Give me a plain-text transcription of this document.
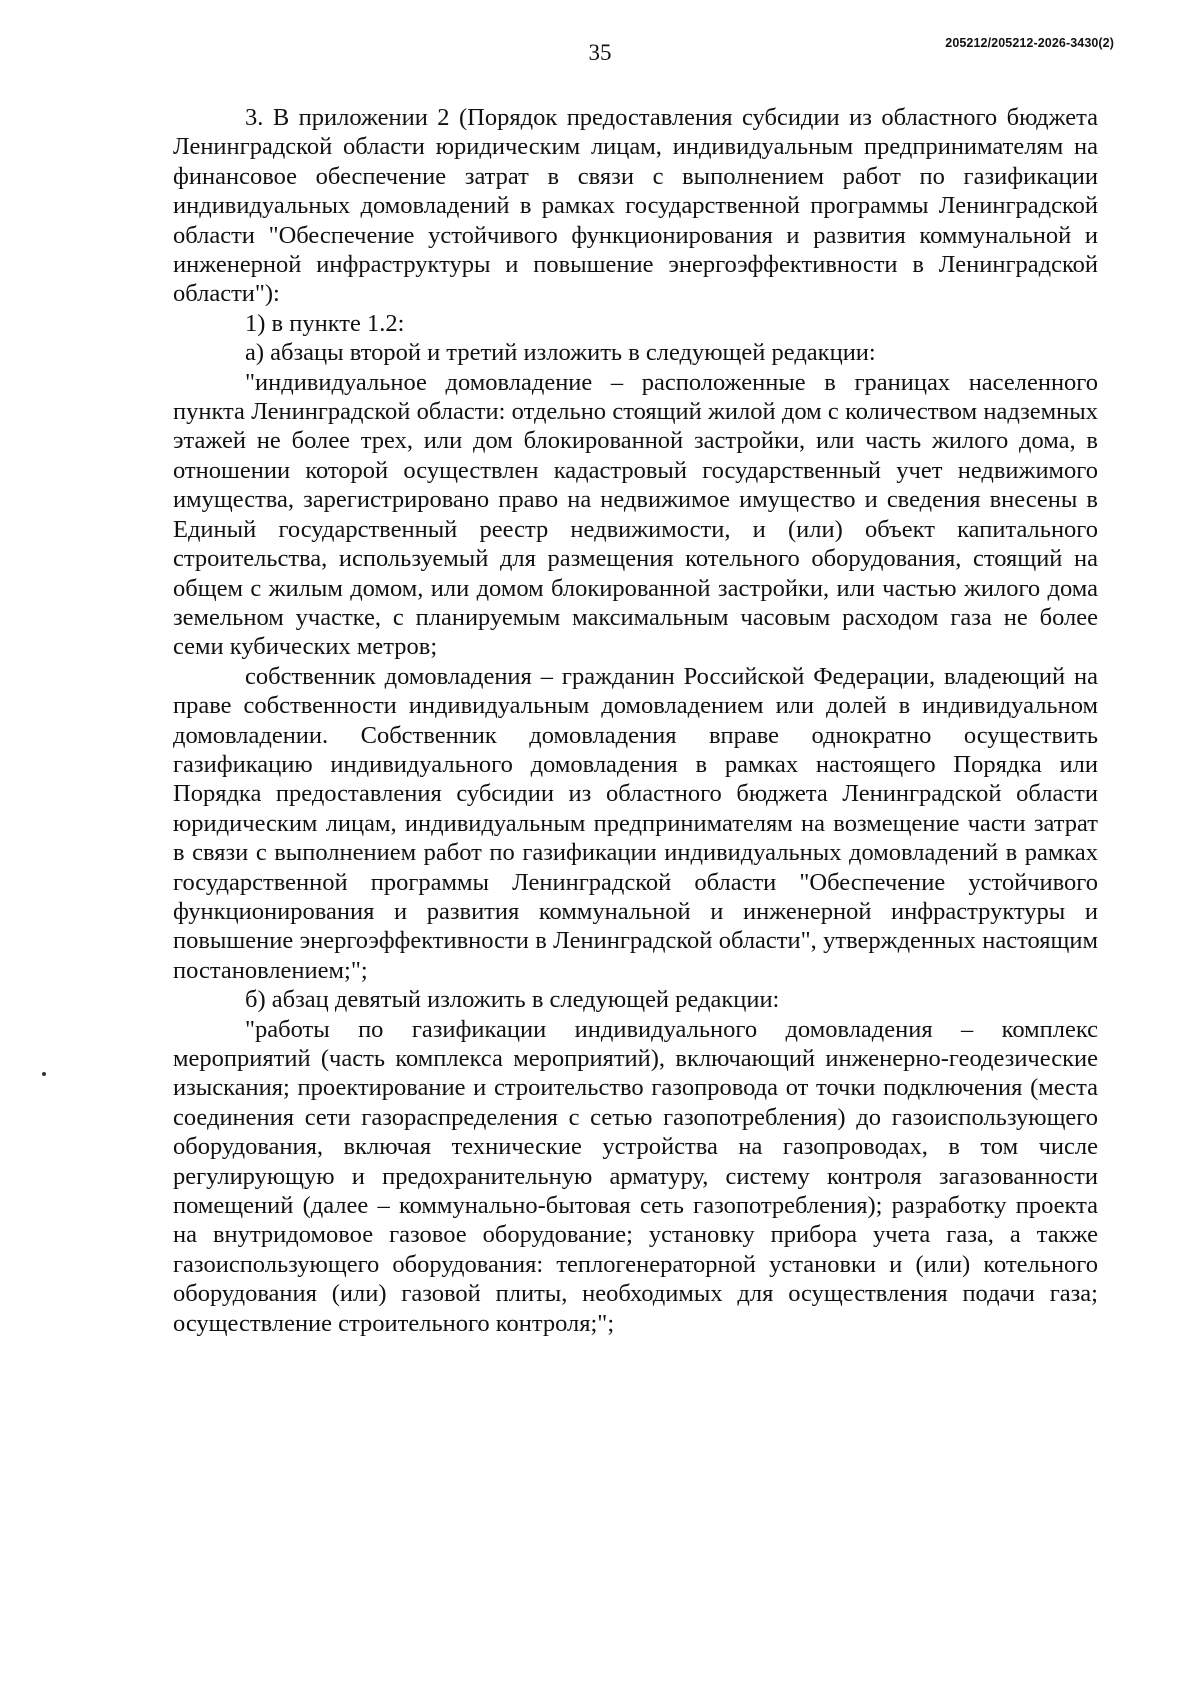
35	205212/205212-2026-3430(2)

3. В приложении 2 (Порядок предоставления субсидии из областного бюджета Ленинградской области юридическим лицам, индивидуальным предпринимателям на финансовое обеспечение затрат в связи с выполнением работ по газификации индивидуальных домовладений в рамках государственной программы Ленинградской области "Обеспечение устойчивого функционирования и развития коммунальной и инженерной инфраструктуры и повышение энергоэффективности в Ленинградской области"):

1) в пункте 1.2:

а) абзацы второй и третий изложить в следующей редакции:

"индивидуальное домовладение – расположенные в границах населенного пункта Ленинградской области: отдельно стоящий жилой дом с количеством надземных этажей не более трех, или дом блокированной застройки, или часть жилого дома, в отношении которой осуществлен кадастровый государственный учет недвижимого имущества, зарегистрировано право на недвижимое имущество и сведения внесены в Единый государственный реестр недвижимости, и (или) объект капитального строительства, используемый для размещения котельного оборудования, стоящий на общем с жилым домом, или домом блокированной застройки, или частью жилого дома земельном участке, с планируемым максимальным часовым расходом газа не более семи кубических метров;

собственник домовладения – гражданин Российской Федерации, владеющий на праве собственности индивидуальным домовладением или долей в индивидуальном домовладении. Собственник домовладения вправе однократно осуществить газификацию индивидуального домовладения в рамках настоящего Порядка или Порядка предоставления субсидии из областного бюджета Ленинградской области юридическим лицам, индивидуальным предпринимателям на возмещение части затрат в связи с выполнением работ по газификации индивидуальных домовладений в рамках государственной программы Ленинградской области "Обеспечение устойчивого функционирования и развития коммунальной и инженерной инфраструктуры и повышение энергоэффективности в Ленинградской области", утвержденных настоящим постановлением;";

б) абзац девятый изложить в следующей редакции:

"работы по газификации индивидуального домовладения – комплекс мероприятий (часть комплекса мероприятий), включающий инженерно-геодезические изыскания; проектирование и строительство газопровода от точки подключения (места соединения сети газораспределения с сетью газопотребления) до газоиспользующего оборудования, включая технические устройства на газопроводах, в том числе регулирующую и предохранительную арматуру, систему контроля загазованности помещений (далее – коммунально-бытовая сеть газопотребления); разработку проекта на внутридомовое газовое оборудование; установку прибора учета газа, а также газоиспользующего оборудования: теплогенераторной установки и (или) котельного оборудования (или) газовой плиты, необходимых для осуществления подачи газа; осуществление строительного контроля;";
